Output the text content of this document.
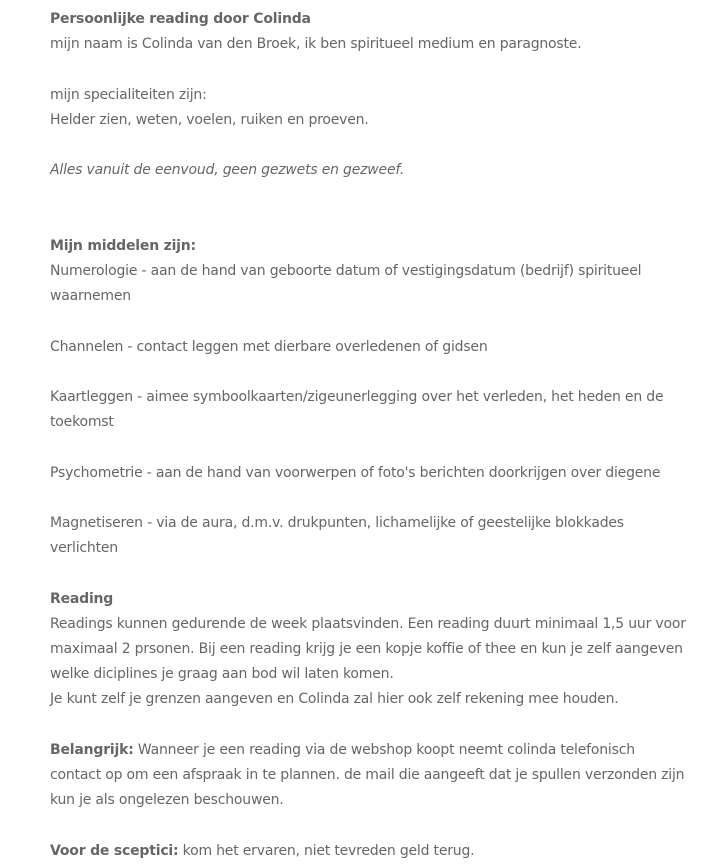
Persoonlijke reading door Colinda
mijn naam is Colinda van den Broek, ik ben spiritueel medium en paragnoste.

mijn specialiteiten zijn:
Helder zien, weten, voelen, ruiken en proeven.

Alles vanuit de eenvoud, geen gezwets en gezweef.

Mijn middelen zijn:
Numerologie - aan de hand van geboorte datum of vestigingsdatum (bedrijf) spiritueel waarnemen

Channelen - contact leggen met dierbare overledenen of gidsen

Kaartleggen - aimee symboolkaarten/zigeunerlegging over het verleden, het heden en de toekomst

Psychometrie - aan de hand van voorwerpen of foto's berichten doorkrijgen over diegene

Magnetiseren - via de aura, d.m.v. drukpunten, lichamelijke of geestelijke blokkades verlichten

Reading
Readings kunnen gedurende de week plaatsvinden. Een reading duurt minimaal 1,5 uur voor
maximaal 2 prsonen. Bij een reading krijg je een kopje koffie of thee en kun je zelf aangeven
welke diciplines je graag aan bod wil laten komen.
Je kunt zelf je grenzen aangeven en Colinda zal hier ook zelf rekening mee houden.

Belangrijk: Wanneer je een reading via de webshop koopt neemt colinda telefonisch contact op om een afspraak in te plannen. de mail die aangeeft dat je spullen verzonden zijn kun je als ongelezen beschouwen.

Voor de sceptici: kom het ervaren, niet tevreden geld terug.
